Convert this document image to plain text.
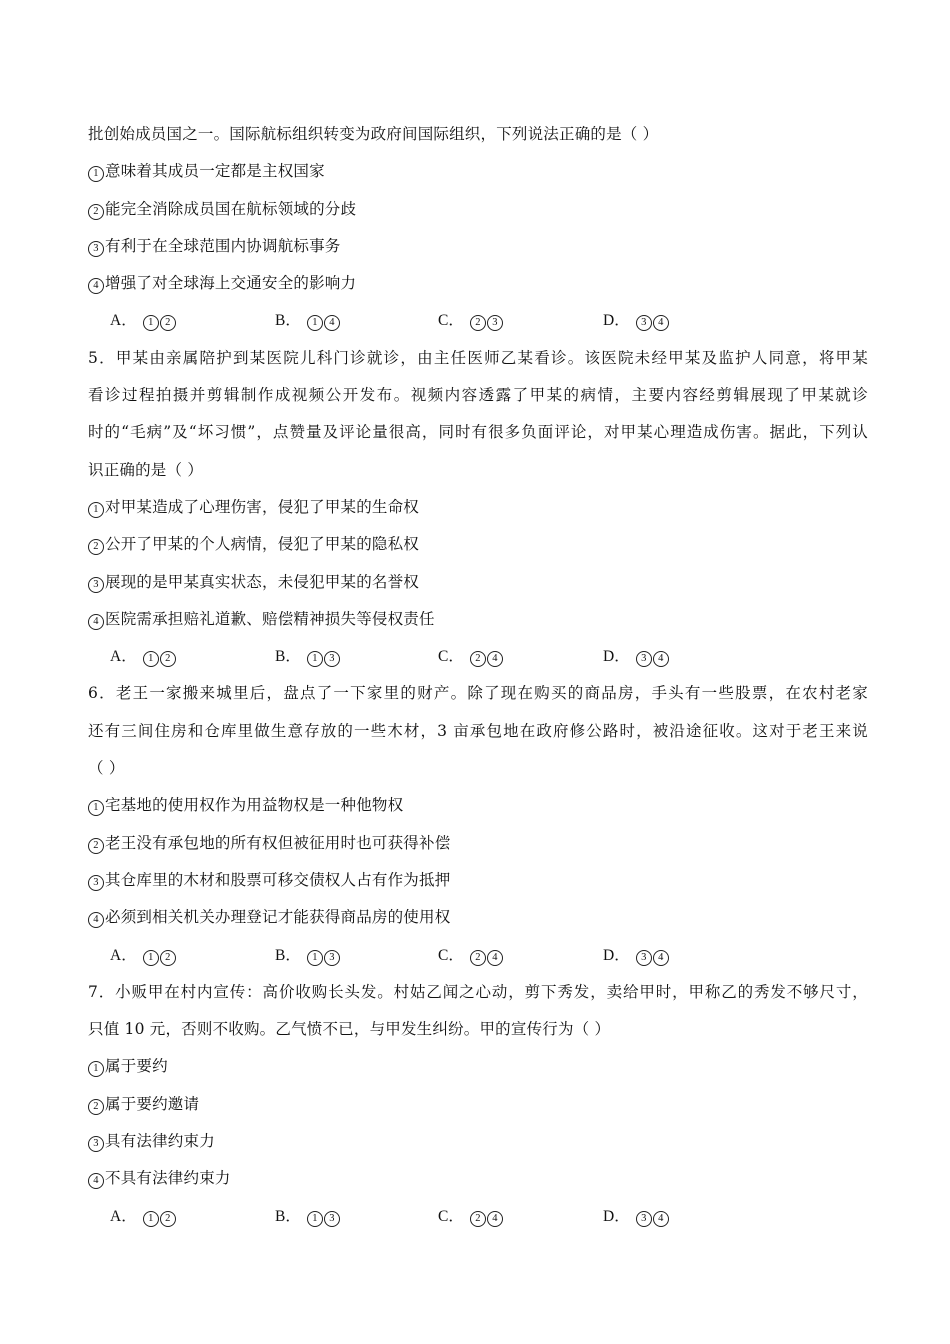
批创始成员国之一。国际航标组织转变为政府间国际组织，下列说法正确的是（ ）
1 意味着其成员一定都是主权国家
2 能完全消除成员国在航标领域的分歧
3 有利于在全球范围内协调航标事务
4 增强了对全球海上交通安全的影响力
A． 1 2	B． 1 4	C． 2 3	D． 3 4
5．甲某由亲属陪护到某医院儿科门诊就诊，由主任医师乙某看诊。该医院未经甲某及监护人同意，将甲某
看诊过程拍摄并剪辑制作成视频公开发布。视频内容透露了甲某的病情，主要内容经剪辑展现了甲某就诊
时的“毛病”及“坏习惯”，点赞量及评论量很高，同时有很多负面评论，对甲某心理造成伤害。据此，下列认
识正确的是（ ）
1 对甲某造成了心理伤害，侵犯了甲某的生命权
2 公开了甲某的个人病情，侵犯了甲某的隐私权
3 展现的是甲某真实状态，未侵犯甲某的名誉权
4 医院需承担赔礼道歉、赔偿精神损失等侵权责任
A． 1 2	B． 1 3	C． 2 4	D． 3 4
6．老王一家搬来城里后，盘点了一下家里的财产。除了现在购买的商品房，手头有一些股票，在农村老家
还有三间住房和仓库里做生意存放的一些木材，3 亩承包地在政府修公路时，被沿途征收。这对于老王来说
（ ）
1 宅基地的使用权作为用益物权是一种他物权
2 老王没有承包地的所有权但被征用时也可获得补偿
3 其仓库里的木材和股票可移交债权人占有作为抵押
4 必须到相关机关办理登记才能获得商品房的使用权
A． 1 2	B． 1 3	C． 2 4	D． 3 4
7．小贩甲在村内宣传：高价收购长头发。村姑乙闻之心动，剪下秀发，卖给甲时，甲称乙的秀发不够尺寸，
只值 10 元，否则不收购。乙气愤不已，与甲发生纠纷。甲的宣传行为（ ）
1 属于要约
2 属于要约邀请
3 具有法律约束力
4 不具有法律约束力
A． 1 2	B． 1 3	C． 2 4	D． 3 4
